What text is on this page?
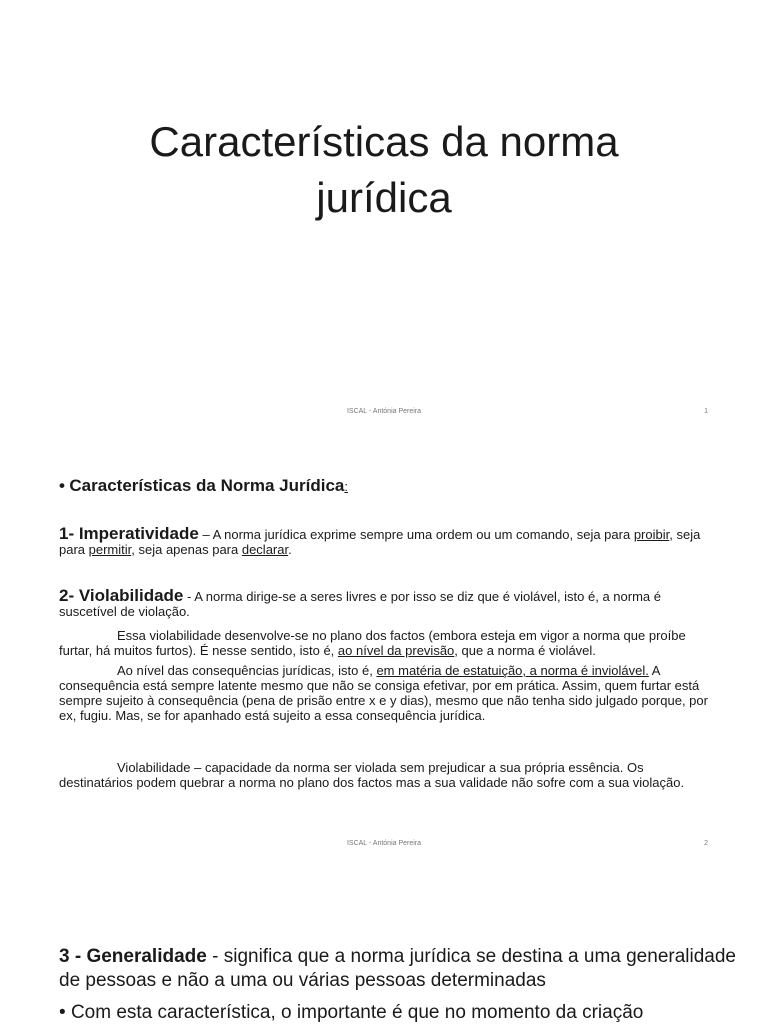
Características da norma
jurídica
ISCAL - Antónia Pereira	1
• Características da Norma Jurídica:

1- Imperatividade – A norma jurídica exprime sempre uma ordem ou um comando, seja para proibir, seja para permitir, seja apenas para declarar.

2- Violabilidade - A norma dirige-se a seres livres e por isso se diz que é violável, isto é, a norma é suscetível de violação.

Essa violabilidade desenvolve-se no plano dos factos (embora esteja em vigor a norma que proíbe furtar, há muitos furtos). É nesse sentido, isto é, ao nível da previsão, que a norma é violável.

Ao nível das consequências jurídicas, isto é, em matéria de estatuição, a norma é inviolável. A consequência está sempre latente mesmo que não se consiga efetivar, por em prática. Assim, quem furtar está sempre sujeito à consequência (pena de prisão entre x e y dias), mesmo que não tenha sido julgado porque, por ex, fugiu. Mas, se for apanhado está sujeito a essa consequência jurídica.

Violabilidade – capacidade da norma ser violada sem prejudicar a sua própria essência. Os destinatários podem quebrar a norma no plano dos factos mas a sua validade não sofre com a sua violação.

ISCAL - Antónia Pereira	2
3 - Generalidade - significa que a norma jurídica se destina a uma generalidade de pessoas e não a uma ou várias pessoas determinadas
• Com esta característica, o importante é que no momento da criação
